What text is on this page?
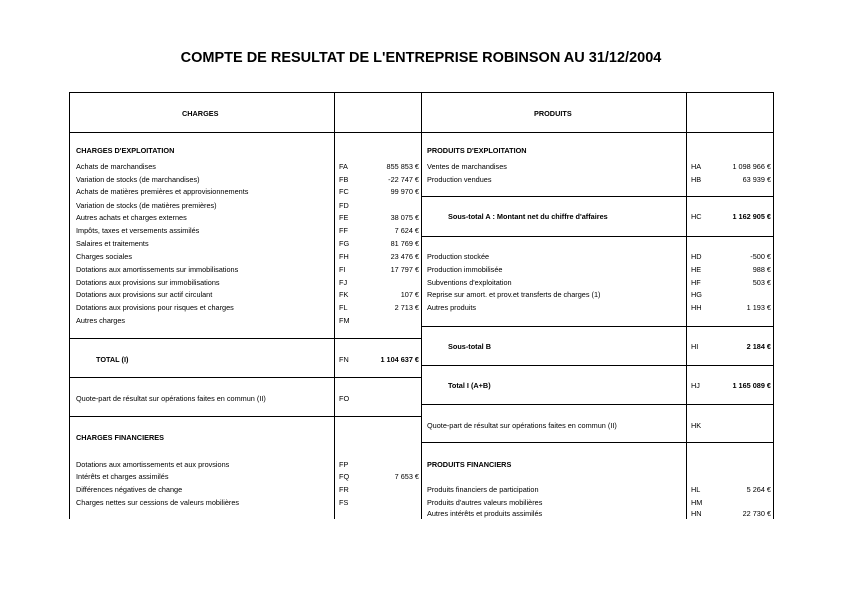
COMPTE DE RESULTAT DE L'ENTREPRISE ROBINSON AU 31/12/2004
CHARGES	PRODUITS
CHARGES D'EXPLOITATION
Achats de marchandises	FA	855 853 €
Variation de stocks (de marchandises)	FB	-22 747 €
Achats de matières premières et approvisionnements	FC	99 970 €
Variation de stocks (de matières premières)	FD
Autres achats et charges externes	FE	38 075 €
Impôts, taxes et versements assimilés	FF	7 624 €
Salaires et traitements	FG	81 769 €
Charges sociales	FH	23 476 €
Dotations aux amortissements sur immobilisations	FI	17 797 €
Dotations aux provisions sur immobilisations	FJ
Dotations aux provisions sur actif circulant	FK	107 €
Dotations aux provisions pour risques et charges	FL	2 713 €
Autres charges	FM
TOTAL (I)	FN	1 104 637 €
Quote-part de résultat sur opérations faites en commun (II)	FO
CHARGES FINANCIERES
Dotations aux amortissements et aux provsions	FP
Intérêts et charges assimilés	FQ	7 653 €
Différences négatives de change	FR
Charges nettes sur cessions de valeurs mobilières	FS
PRODUITS D'EXPLOITATION
Ventes de marchandises	HA	1 098 966 €
Production vendues	HB	63 939 €
Sous-total A : Montant net du chiffre d'affaires	HC	1 162 905 €
Production stockée	HD	-500 €
Production immobilisée	HE	988 €
Subventions d'exploitation	HF	503 €
Reprise sur amort. et prov.et transferts de charges (1)	HG
Autres produits	HH	1 193 €
Sous-total B	HI	2 184 €
Total I (A+B)	HJ	1 165 089 €
Quote-part de résultat sur opérations faites en commun (II)	HK
PRODUITS FINANCIERS
Produits financiers de participation	HL	5 264 €
Produits d'autres valeurs mobilières	HM
Autres intérêts et produits assimilés	HN	22 730 €
